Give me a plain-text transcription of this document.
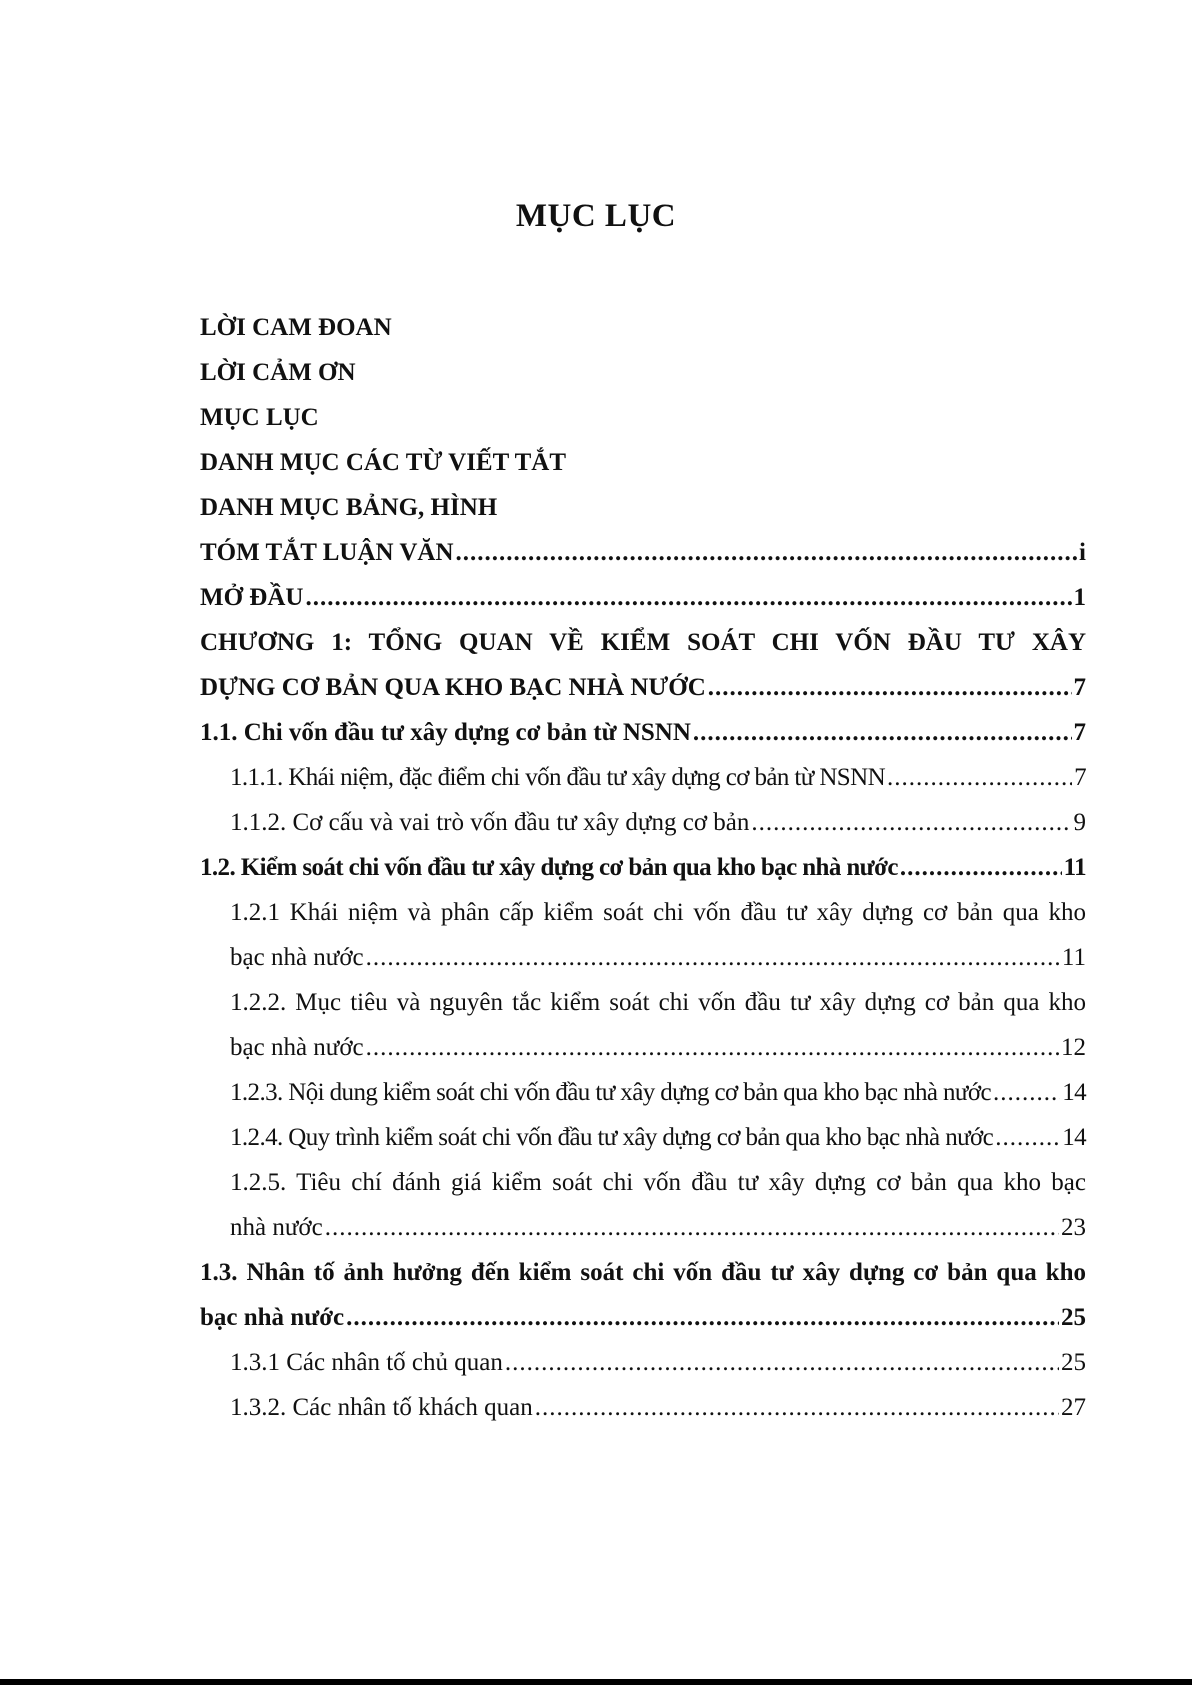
MỤC LỤC
LỜI CAM ĐOAN
LỜI CẢM ƠN
MỤC LỤC
DANH MỤC CÁC TỪ VIẾT TẮT
DANH MỤC BẢNG, HÌNH
TÓM TẮT LUẬN VĂN .....	i
MỞ ĐẦU .....	1
CHƯƠNG 1: TỔNG QUAN VỀ KIỂM SOÁT CHI VỐN ĐẦU TƯ XÂY
DỰNG CƠ BẢN QUA KHO BẠC NHÀ NƯỚC .....	7
1.1. Chi vốn đầu tư xây dựng cơ bản từ NSNN .....	7
1.1.1. Khái niệm, đặc điểm chi vốn đầu tư xây dựng cơ bản từ NSNN .....	7
1.1.2. Cơ cấu và vai trò vốn đầu tư xây dựng cơ bản .....	9
1.2. Kiểm soát chi vốn đầu tư xây dựng cơ bản qua kho bạc nhà nước .....	11
1.2.1 Khái niệm và phân cấp kiểm soát chi vốn đầu tư xây dựng cơ bản qua kho
bạc nhà nước .....	11
1.2.2. Mục tiêu và nguyên tắc kiểm soát chi vốn đầu tư xây dựng cơ bản qua kho
bạc nhà nước .....	12
1.2.3. Nội dung kiểm soát chi vốn đầu tư xây dựng cơ bản qua kho bạc nhà nước .....	14
1.2.4. Quy trình kiểm soát chi vốn đầu tư xây dựng cơ bản qua kho bạc nhà nước .....	14
1.2.5. Tiêu chí đánh giá kiểm soát chi vốn đầu tư xây dựng cơ bản qua kho bạc
nhà nước .....	23
1.3. Nhân tố ảnh hưởng đến kiểm soát chi vốn đầu tư xây dựng cơ bản qua kho
bạc nhà nước .....	25
1.3.1 Các nhân tố chủ quan .....	25
1.3.2. Các nhân tố khách quan .....	27
